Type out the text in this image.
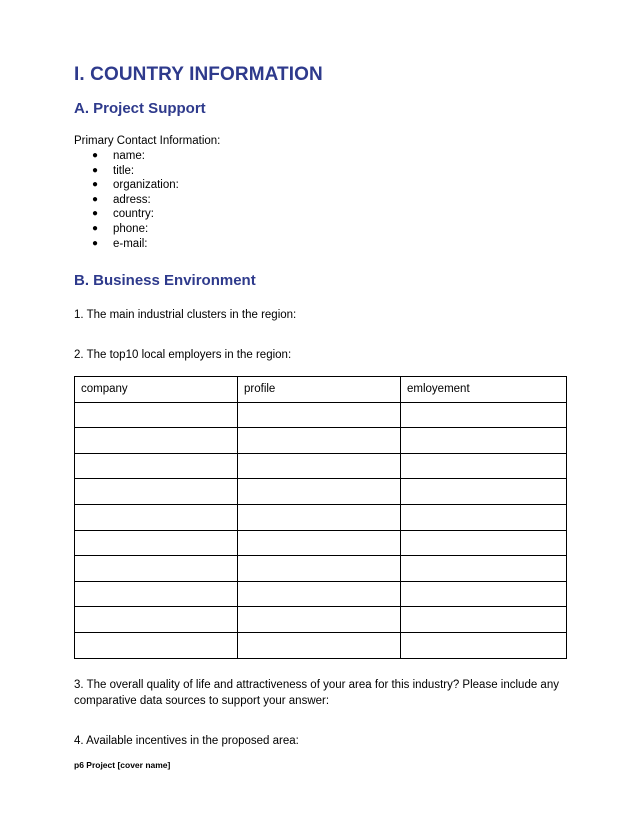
I. COUNTRY INFORMATION
A. Project Support
Primary Contact Information:
● name:
● title:
● organization:
● adress:
● country:
● phone:
● e-mail:
B. Business Environment
1. The main industrial clusters in the region:
2. The top10 local employers in the region:
company	profile	emloyement

3. The overall quality of life and attractiveness of your area for this industry? Please include any
comparative data sources to support your answer:
4. Available incentives in the proposed area:
p6 Project [cover name]
